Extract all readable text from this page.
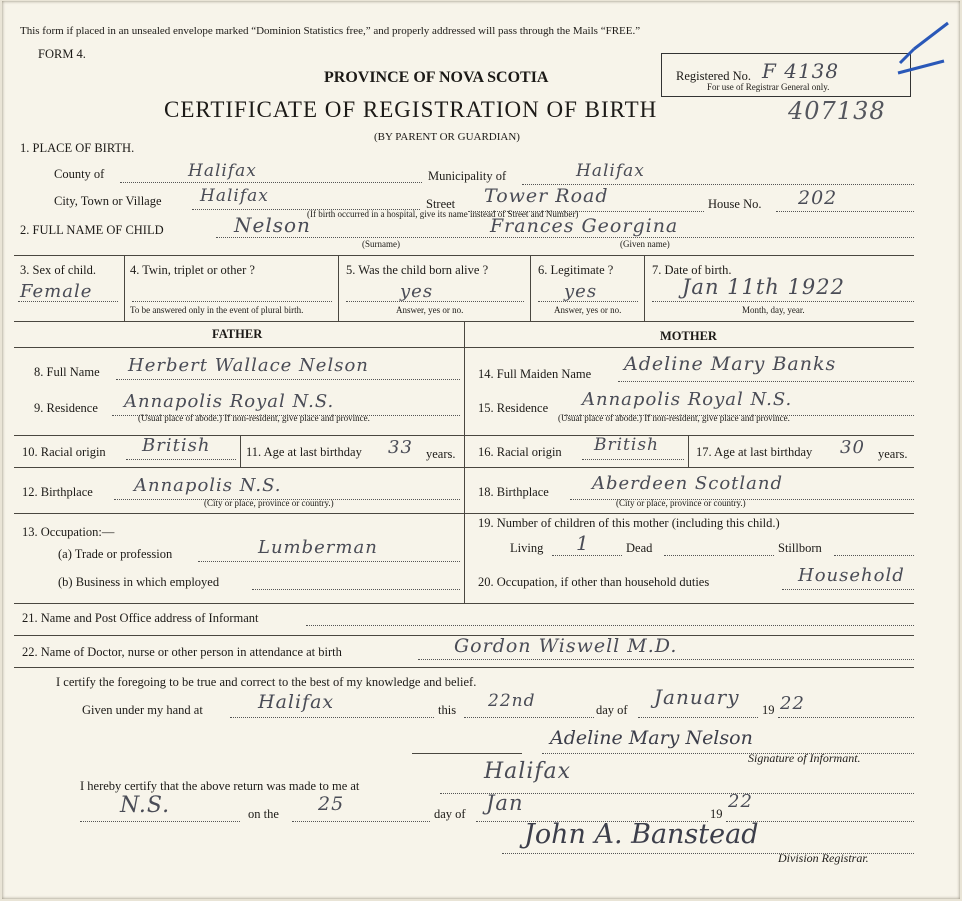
This form if placed in an unsealed envelope marked “Dominion Statistics free,” and properly addressed will pass through the Mails “FREE.”
FORM 4.
PROVINCE OF NOVA SCOTIA
CERTIFICATE OF REGISTRATION OF BIRTH
(BY PARENT OR GUARDIAN)
Registered No. F 4138
For use of Registrar General only.
407138
1. PLACE OF BIRTH.
County of	Halifax	Municipality of	Halifax
City, Town or Village Halifax	Street Tower Road	House No. 202
(If birth occurred in a hospital, give its name instead of Street and Number)
2. FULL NAME OF CHILD	Nelson	Frances Georgina
(Surname)	(Given name)
3. Sex of child.
Female
4. Twin, triplet or other ?
To be answered only in the event of plural birth.
5. Was the child born alive ?
yes
Answer, yes or no.
6. Legitimate ?
yes
Answer, yes or no.
7. Date of birth.
Jan 11th 1922
Month, day, year.
FATHER	MOTHER
8. Full Name Herbert Wallace Nelson
9. Residence Annapolis Royal N.S.
(Usual place of abode.) If non-resident, give place and province.
10. Racial origin British	11. Age at last birthday 33 years.
12. Birthplace Annapolis N.S.
(City or place, province or country.)
13. Occupation:—
(a) Trade or profession	Lumberman
(b) Business in which employed
14. Full Maiden Name Adeline Mary Banks
15. Residence Annapolis Royal N.S.
(Usual place of abode.) If non-resident, give place and province.
16. Racial origin British	17. Age at last birthday 30 years.
18. Birthplace Aberdeen Scotland
(City or place, province or country.)
19. Number of children of this mother (including this child.)
Living 1	Dead	Stillborn
20. Occupation, if other than household duties	Household
21. Name and Post Office address of Informant
22. Name of Doctor, nurse or other person in attendance at birth	Gordon Wiswell M.D.
I certify the foregoing to be true and correct to the best of my knowledge and belief.
Given under my hand at	Halifax	this 22nd	day of
January
19 22
Adeline Mary Nelson
Signature of Informant.
I hereby certify that the above return was made to me at
Halifax
N.S.	on the 25	day of Jan	19
22
John A. Banstead
Division Registrar.
